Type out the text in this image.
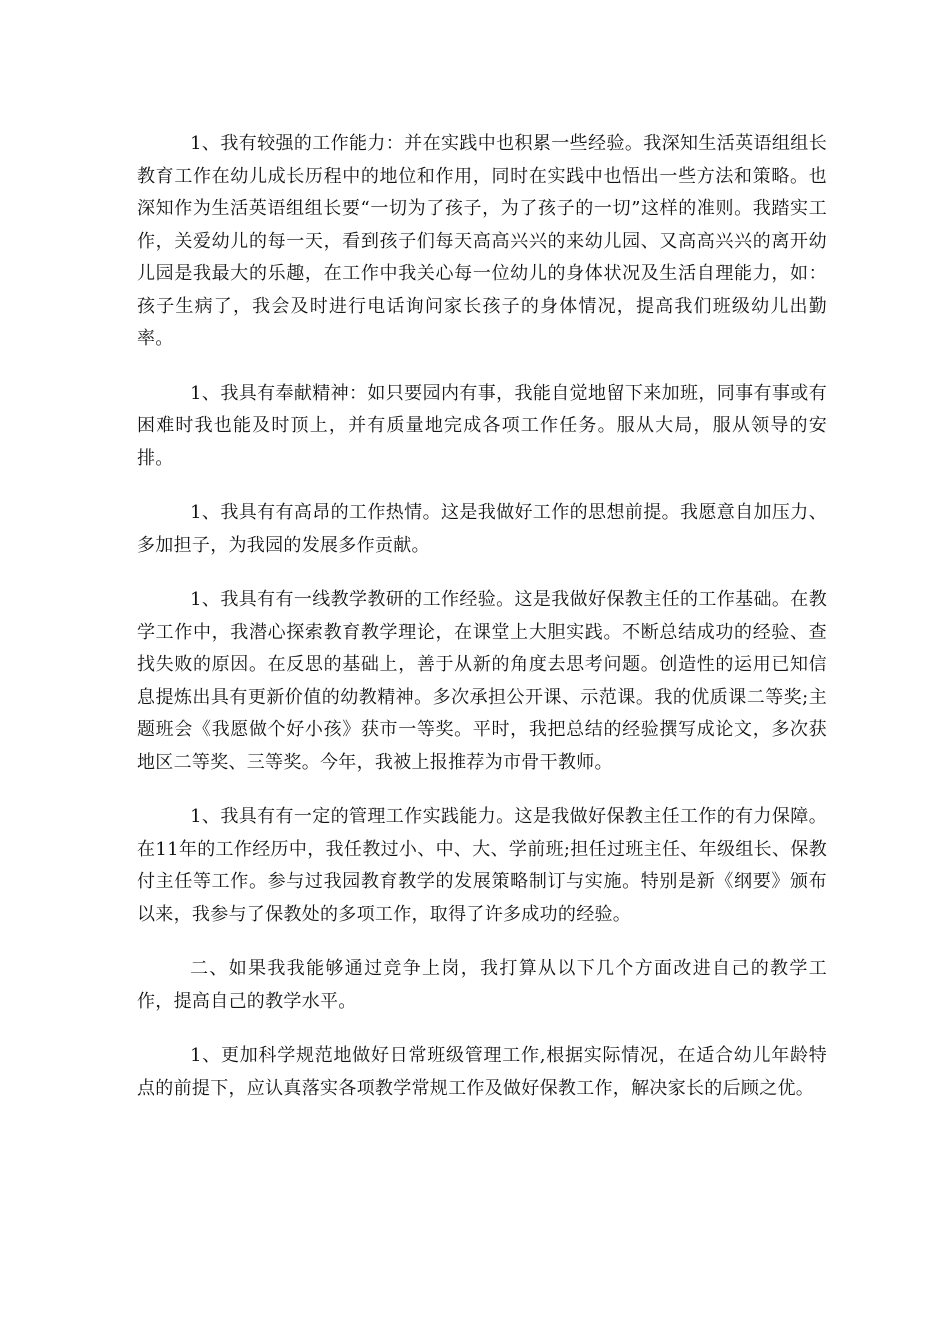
1、我有较强的工作能力：并在实践中也积累一些经验。我深知生活英语组组长教育工作在幼儿成长历程中的地位和作用，同时在实践中也悟出一些方法和策略。也深知作为生活英语组组长要“一切为了孩子，为了孩子的一切”这样的准则。我踏实工作，关爱幼儿的每一天，看到孩子们每天高高兴兴的来幼儿园、又高高兴兴的离开幼儿园是我最大的乐趣，在工作中我关心每一位幼儿的身体状况及生活自理能力，如：孩子生病了，我会及时进行电话询问家长孩子的身体情况，提高我们班级幼儿出勤率。

1、我具有奉献精神：如只要园内有事，我能自觉地留下来加班，同事有事或有困难时我也能及时顶上，并有质量地完成各项工作任务。服从大局，服从领导的安排。

1、我具有有高昂的工作热情。这是我做好工作的思想前提。我愿意自加压力、多加担子，为我园的发展多作贡献。

1、我具有有一线教学教研的工作经验。这是我做好保教主任的工作基础。在教学工作中，我潜心探索教育教学理论，在课堂上大胆实践。不断总结成功的经验、查找失败的原因。在反思的基础上，善于从新的角度去思考问题。创造性的运用已知信息提炼出具有更新价值的幼教精神。多次承担公开课、示范课。我的优质课二等奖;主题班会《我愿做个好小孩》获市一等奖。平时，我把总结的经验撰写成论文，多次获地区二等奖、三等奖。今年，我被上报推荐为市骨干教师。

1、我具有有一定的管理工作实践能力。这是我做好保教主任工作的有力保障。在11年的工作经历中，我任教过小、中、大、学前班;担任过班主任、年级组长、保教付主任等工作。参与过我园教育教学的发展策略制订与实施。特别是新《纲要》颁布以来，我参与了保教处的多项工作，取得了许多成功的经验。

二、如果我我能够通过竞争上岗，我打算从以下几个方面改进自己的教学工作，提高自己的教学水平。

1、更加科学规范地做好日常班级管理工作,根据实际情况，在适合幼儿年龄特点的前提下，应认真落实各项教学常规工作及做好保教工作，解决家长的后顾之优。
